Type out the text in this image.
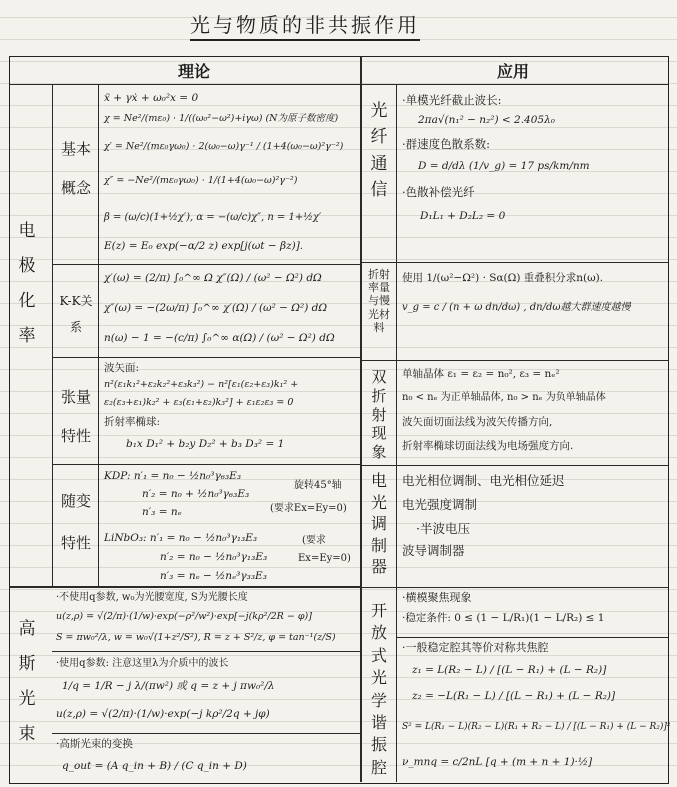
光与物质的非共振作用
理论	应用
电极化率
高斯光束
基本概念
K-K关系
张量特性
随变特性
ẍ + γẋ + ω₀²x = 0
χ = Ne²/(mε₀) · 1/((ω₀²−ω²)+iγω) (N为原子数密度)
χ′ = Ne²/(mε₀γω₀) · 2(ω₀−ω)γ⁻¹ / (1+4(ω₀−ω)²γ⁻²)
χ″ = −Ne²/(mε₀γω₀) · 1/(1+4(ω₀−ω)²γ⁻²)
β = (ω/c)(1+½χ′), α = −(ω/c)χ″, n = 1+½χ′
E(z) = E₀ exp(−α/2 z) exp[j(ωt − βz)].
χ′(ω) = (2/π) ∫₀^∞ Ω χ″(Ω) / (ω² − Ω²) dΩ
χ″(ω) = −(2ω/π) ∫₀^∞ χ′(Ω) / (ω² − Ω²) dΩ
n(ω) − 1 = −(c/π) ∫₀^∞ α(Ω) / (ω² − Ω²) dΩ
波矢面:
n²(ε₁k₁²+ε₂k₂²+ε₃k₃²) − n²[ε₁(ε₂+ε₃)k₁² +
ε₂(ε₃+ε₁)k₂² + ε₃(ε₁+ε₂)k₃²] + ε₁ε₂ε₃ = 0
折射率椭球:
b₁x D₁² + b₂y D₂² + b₃ D₃² = 1
KDP: n′₁ = n₀ − ½n₀³γ₆₃E₃
n′₂ = n₀ + ½n₀³γ₆₃E₃
n′₃ = nₑ
旋转45°轴
(要求Ex=Ey=0)
LiNbO₃: n′₁ = n₀ − ½n₀³γ₁₃E₃
n′₂ = n₀ − ½n₀³γ₁₃E₃
n′₃ = nₑ − ½nₑ³γ₃₃E₃
(要求
Ex=Ey=0)
·不使用q参数, w₀为光腰宽度, S为光腰长度
u(z,ρ) = √(2/π)·(1/w)·exp(−ρ²/w²)·exp[−j(kρ²/2R − φ)]
S = πw₀²/λ, w = w₀√(1+z²/S²), R = z + S²/z, φ = tan⁻¹(z/S)
·使用q参数: 注意这里λ为介质中的波长
1/q = 1/R − j λ/(πw²) 或 q = z + j πw₀²/λ
u(z,ρ) = √(2/π)·(1/w)·exp(−j kρ²/2q + jφ)
·高斯光束的变换
q_out = (A q_in + B) / (C q_in + D)
光纤通信
折射率量与慢光材料
双折射现象
电光调制器
开放式光学谐振腔
·单模光纤截止波长:
2πa√(n₁² − n₂²) < 2.405λ₀
·群速度色散系数:
D = d/dλ (1/v_g) = 17 ps/km/nm
·色散补偿光纤
D₁L₁ + D₂L₂ = 0
使用 1/(ω²−Ω²) · Sα(Ω) 重叠积分求n(ω).
v_g = c / (n + ω dn/dω) , dn/dω越大群速度越慢
单轴晶体 ε₁ = ε₂ = n₀², ε₃ = nₑ²
n₀ < nₑ 为正单轴晶体, n₀ > nₑ 为负单轴晶体
波矢面切面法线为波矢传播方向,
折射率椭球切面法线为电场强度方向.
电光相位调制、电光相位延迟
电光强度调制
·半波电压
波导调制器
·横模聚焦现象
·稳定条件: 0 ≤ (1 − L/R₁)(1 − L/R₂) ≤ 1
·一般稳定腔其等价对称共焦腔
z₁ = L(R₂ − L) / [(L − R₁) + (L − R₂)]
z₂ = −L(R₁ − L) / [(L − R₁) + (L − R₂)]
S² = L(R₁ − L)(R₂ − L)(R₁ + R₂ − L) / [(L − R₁) + (L − R₂)]²
ν_mnq = c/2nL [q + (m + n + 1)·½]
